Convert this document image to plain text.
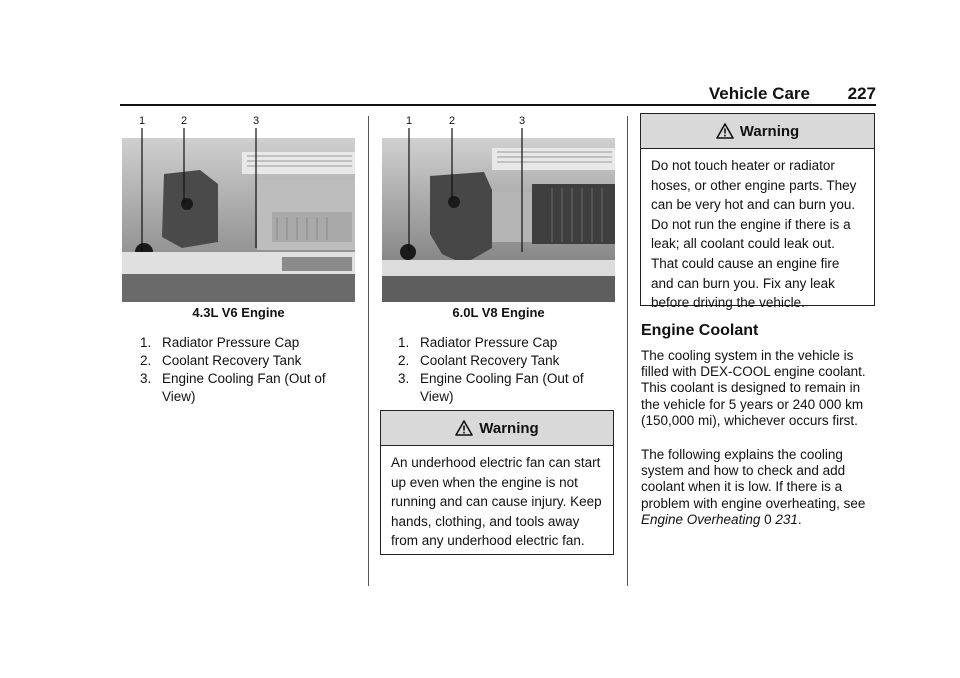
Vehicle Care 227
1	2	3
4.3L V6 Engine
1. Radiator Pressure Cap
2. Coolant Recovery Tank
3. Engine Cooling Fan (Out of View)
1	2	3
6.0L V8 Engine
1. Radiator Pressure Cap
2. Coolant Recovery Tank
3. Engine Cooling Fan (Out of View)
Warning
An underhood electric fan can start up even when the engine is not running and can cause injury. Keep hands, clothing, and tools away from any underhood electric fan.
Warning
Do not touch heater or radiator hoses, or other engine parts. They can be very hot and can burn you. Do not run the engine if there is a leak; all coolant could leak out. That could cause an engine fire and can burn you. Fix any leak before driving the vehicle.
Engine Coolant

The cooling system in the vehicle is filled with DEX-COOL engine coolant. This coolant is designed to remain in the vehicle for 5 years or 240 000 km (150,000 mi), whichever occurs first.

The following explains the cooling system and how to check and add coolant when it is low. If there is a problem with engine overheating, see Engine Overheating 0 231.
